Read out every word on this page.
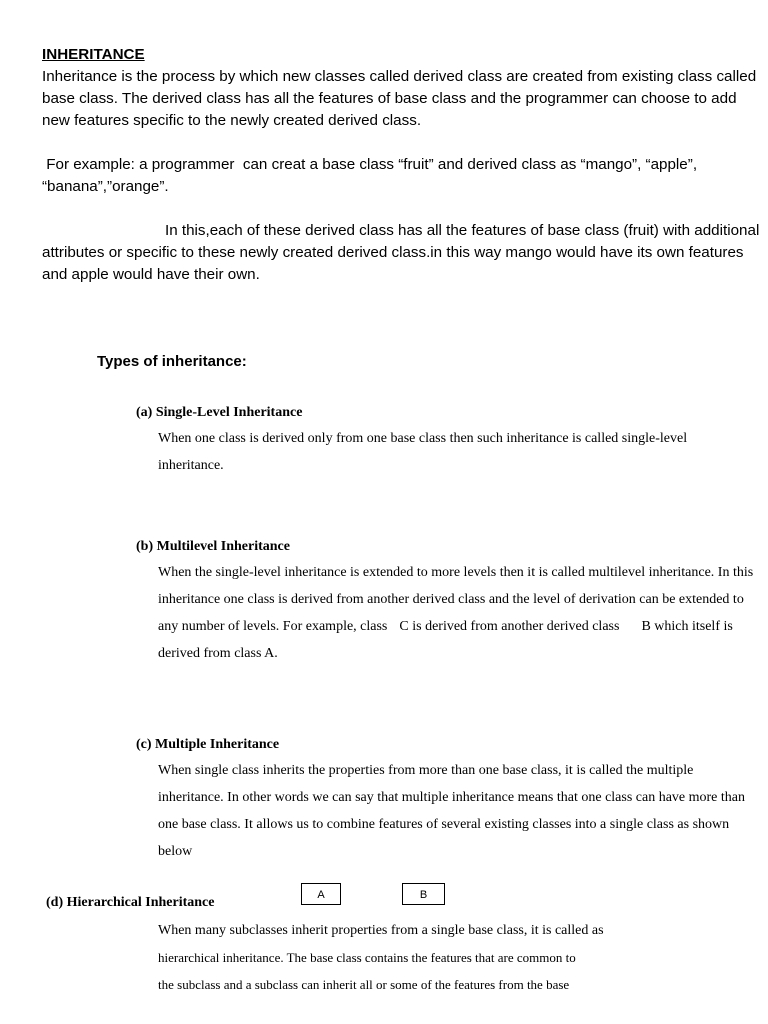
INHERITANCE

Inheritance is the process by which new classes called derived class are created from existing class called base class. The derived class has all the features of base class and the programmer can choose to add new features specific to the newly created derived class.

For example: a programmer  can creat a base class “fruit” and derived class as “mango”, “apple”, “banana”,”orange”.

In this,each of these derived class has all the features of base class (fruit) with additional attributes or specific to these newly created derived class.in this way mango would have its own features and apple would have their own.

Types of inheritance:
(a) Single-Level Inheritance

When one class is derived only from one base class then such inheritance is called single-level inheritance.

(b) Multilevel Inheritance

When the single-level inheritance is extended to more levels then it is called multilevel inheritance. In this inheritance one class is derived from another derived class and the level of derivation can be extended to any number of levels. For example, class C is derived from another derived class B which itself is derived from class A.

(c) Multiple Inheritance

When single class inherits the properties from more than one base class, it is called the multiple inheritance. In other words we can say that multiple inheritance means that one class can have more than one base class. It allows us to combine features of several existing classes into a single class as shown below

A	B
(d) Hierarchical Inheritance

When many subclasses inherit properties from a single base class, it is called as
hierarchical inheritance. The base class contains the features that are common to
the subclass and a subclass can inherit all or some of the features from the base
